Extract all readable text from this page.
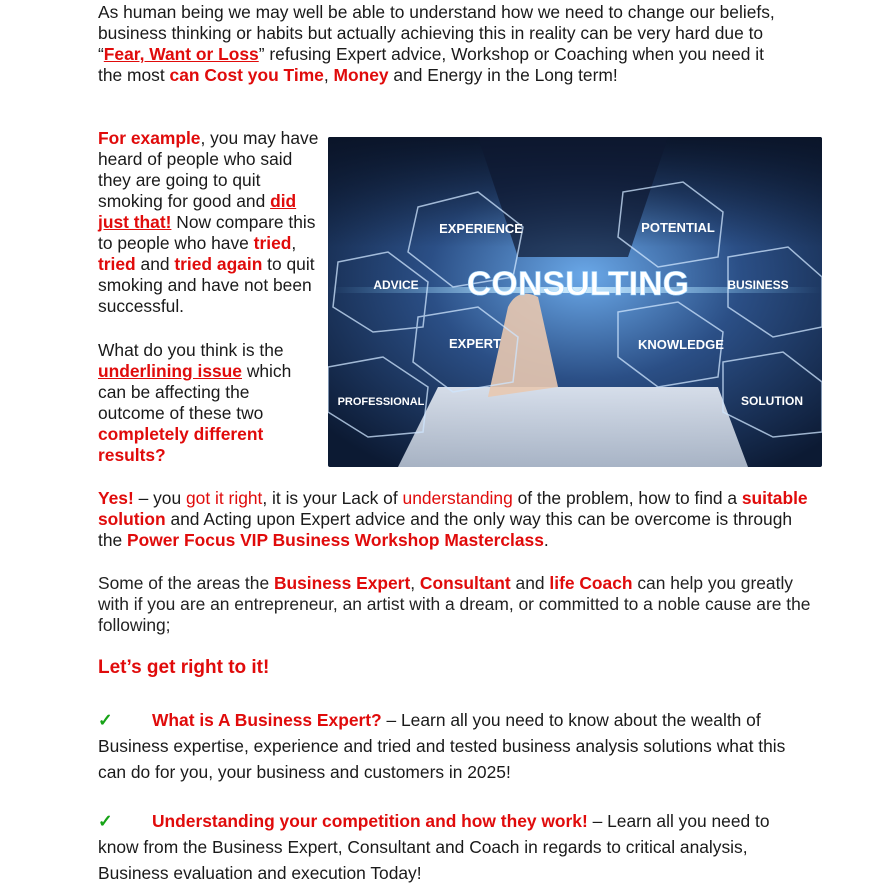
As human being we may well be able to understand how we need to change our beliefs, business thinking or habits but actually achieving this in reality can be very hard due to “Fear, Want or Loss” refusing Expert advice, Workshop or Coaching when you need it the most can Cost you Time, Money and Energy in the Long term!

For example, you may have heard of people who said they are going to quit smoking for good and did just that! Now compare this to people who have tried, tried and tried again to quit smoking and have not been successful.

What do you think is the underlining issue which can be affecting the outcome of these two completely different results?

EXPERIENCE	POTENTIAL
ADVICE	BUSINESS
EXPERT	KNOWLEDGE
PROFESSIONAL	SOLUTION
CONSULTING

Yes! – you got it right, it is your Lack of understanding of the problem, how to find a suitable solution and Acting upon Expert advice and the only way this can be overcome is through the Power Focus VIP Business Workshop Masterclass.

Some of the areas the Business Expert, Consultant and life Coach can help you greatly with if you are an entrepreneur, an artist with a dream, or committed to a noble cause are the following;

Let’s get right to it!

✓ What is A Business Expert? – Learn all you need to know about the wealth of Business expertise, experience and tried and tested business analysis solutions what this can do for you, your business and customers in 2025!

✓ Understanding your competition and how they work! – Learn all you need to know from the Business Expert, Consultant and Coach in regards to critical analysis, Business evaluation and execution Today!
